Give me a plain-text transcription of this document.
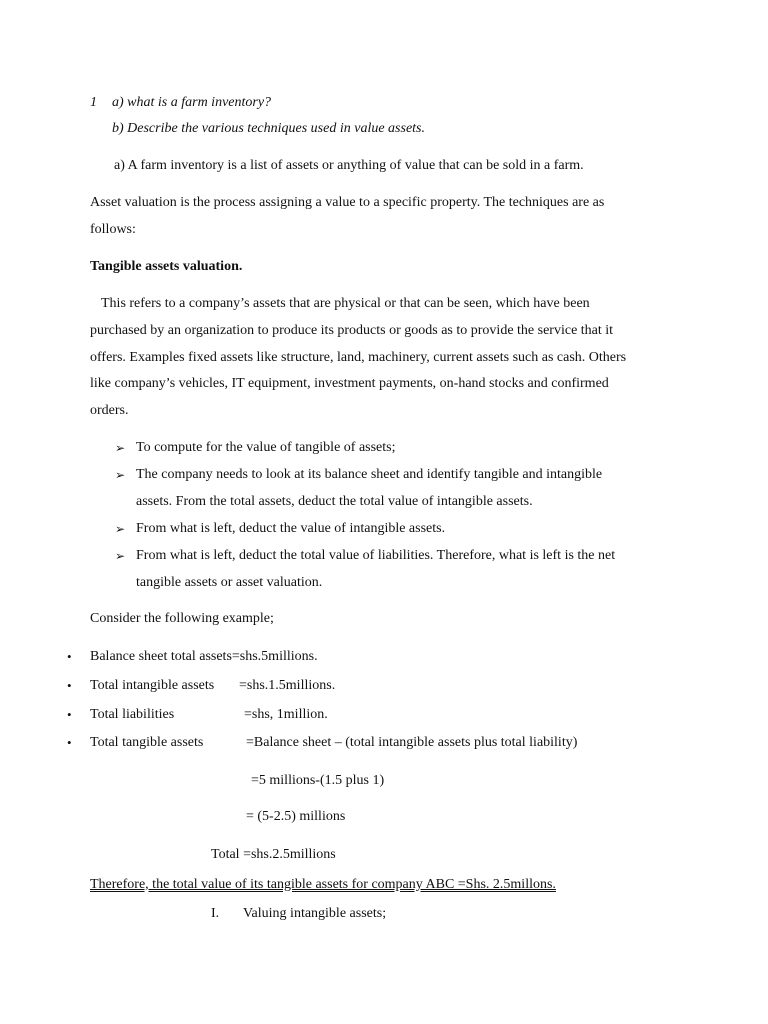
1 a) what is a farm inventory?
b) Describe the various techniques used in value assets.
a) A farm inventory is a list of assets or anything of value that can be sold in a farm.
Asset valuation is the process assigning a value to a specific property. The techniques are as
follows:
Tangible assets valuation.
This refers to a company’s assets that are physical or that can be seen, which have been
purchased by an organization to produce its products or goods as to provide the service that it
offers. Examples fixed assets like structure, land, machinery, current assets such as cash. Others
like company’s vehicles, IT equipment, investment payments, on-hand stocks and confirmed
orders.
➢ To compute for the value of tangible of assets;
➢ The company needs to look at its balance sheet and identify tangible and intangible
assets. From the total assets, deduct the total value of intangible assets.
➢ From what is left, deduct the value of intangible assets.
➢ From what is left, deduct the total value of liabilities. Therefore, what is left is the net
tangible assets or asset valuation.
Consider the following example;
• Balance sheet total assets=shs.5millions.
• Total intangible assets =shs.1.5millions.
• Total liabilities	=shs, 1million.
• Total tangible assets	=Balance sheet – (total intangible assets plus total liability)
=5 millions-(1.5 plus 1)
= (5-2.5) millions
Total =shs.2.5millions
Therefore, the total value of its tangible assets for company ABC =Shs. 2.5millons.
I. Valuing intangible assets;
